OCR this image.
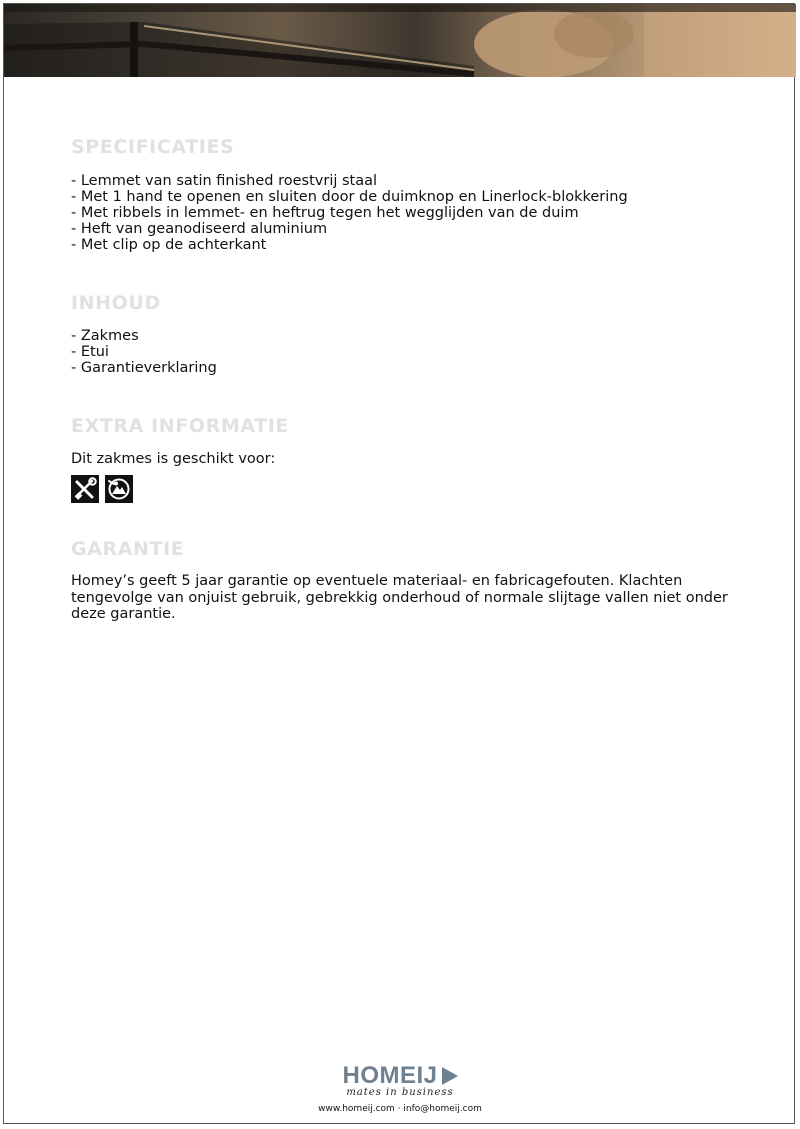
SPECIFICATIES
- Lemmet van satin finished roestvrij staal
- Met 1 hand te openen en sluiten door de duimknop en Linerlock-blokkering
- Met ribbels in lemmet- en heftrug tegen het wegglijden van de duim
- Heft van geanodiseerd aluminium
- Met clip op de achterkant
INHOUD
- Zakmes
- Etui
- Garantieverklaring
EXTRA INFORMATIE

Dit zakmes is geschikt voor:

GARANTIE

Homey’s geeft 5 jaar garantie op eventuele materiaal- en fabricagefouten. Klachten tengevolge van onjuist gebruik, gebrekkig onderhoud of normale slijtage vallen niet onder deze garantie.

HOMEIJ
mates in business
www.homeij.com · info@homeij.com
